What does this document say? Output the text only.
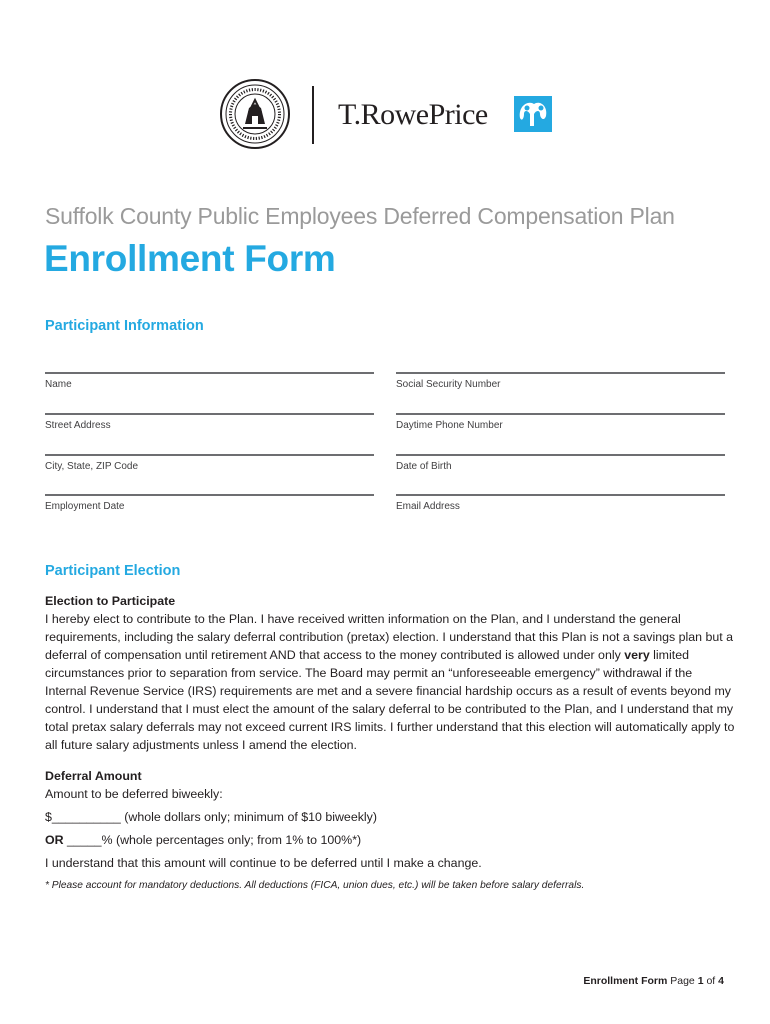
T.RowePrice
Suffolk County Public Employees Deferred Compensation Plan
Enrollment Form
Participant Information
Name	Social Security Number
Street Address	Daytime Phone Number
City, State, ZIP Code	Date of Birth
Employment Date	Email Address
Participant Election
Election to Participate

I hereby elect to contribute to the Plan. I have received written information on the Plan, and I understand the general requirements, including the salary deferral contribution (pretax) election. I understand that this Plan is not a savings plan but a deferral of compensation until retirement AND that access to the money contributed is allowed under only very limited circumstances prior to separation from service. The Board may permit an “unforeseeable emergency” withdrawal if the Internal Revenue Service (IRS) requirements are met and a severe financial hardship occurs as a result of events beyond my control. I understand that I must elect the amount of the salary deferral to be contributed to the Plan, and I understand that my total pretax salary deferrals may not exceed current IRS limits. I further understand that this election will automatically apply to all future salary adjustments unless I amend the election.

Deferral Amount
Amount to be deferred biweekly:
$__________ (whole dollars only; minimum of $10 biweekly)
OR _____% (whole percentages only; from 1% to 100%*)
I understand that this amount will continue to be deferred until I make a change.
* Please account for mandatory deductions. All deductions (FICA, union dues, etc.) will be taken before salary deferrals.
Enrollment Form Page 1 of 4
